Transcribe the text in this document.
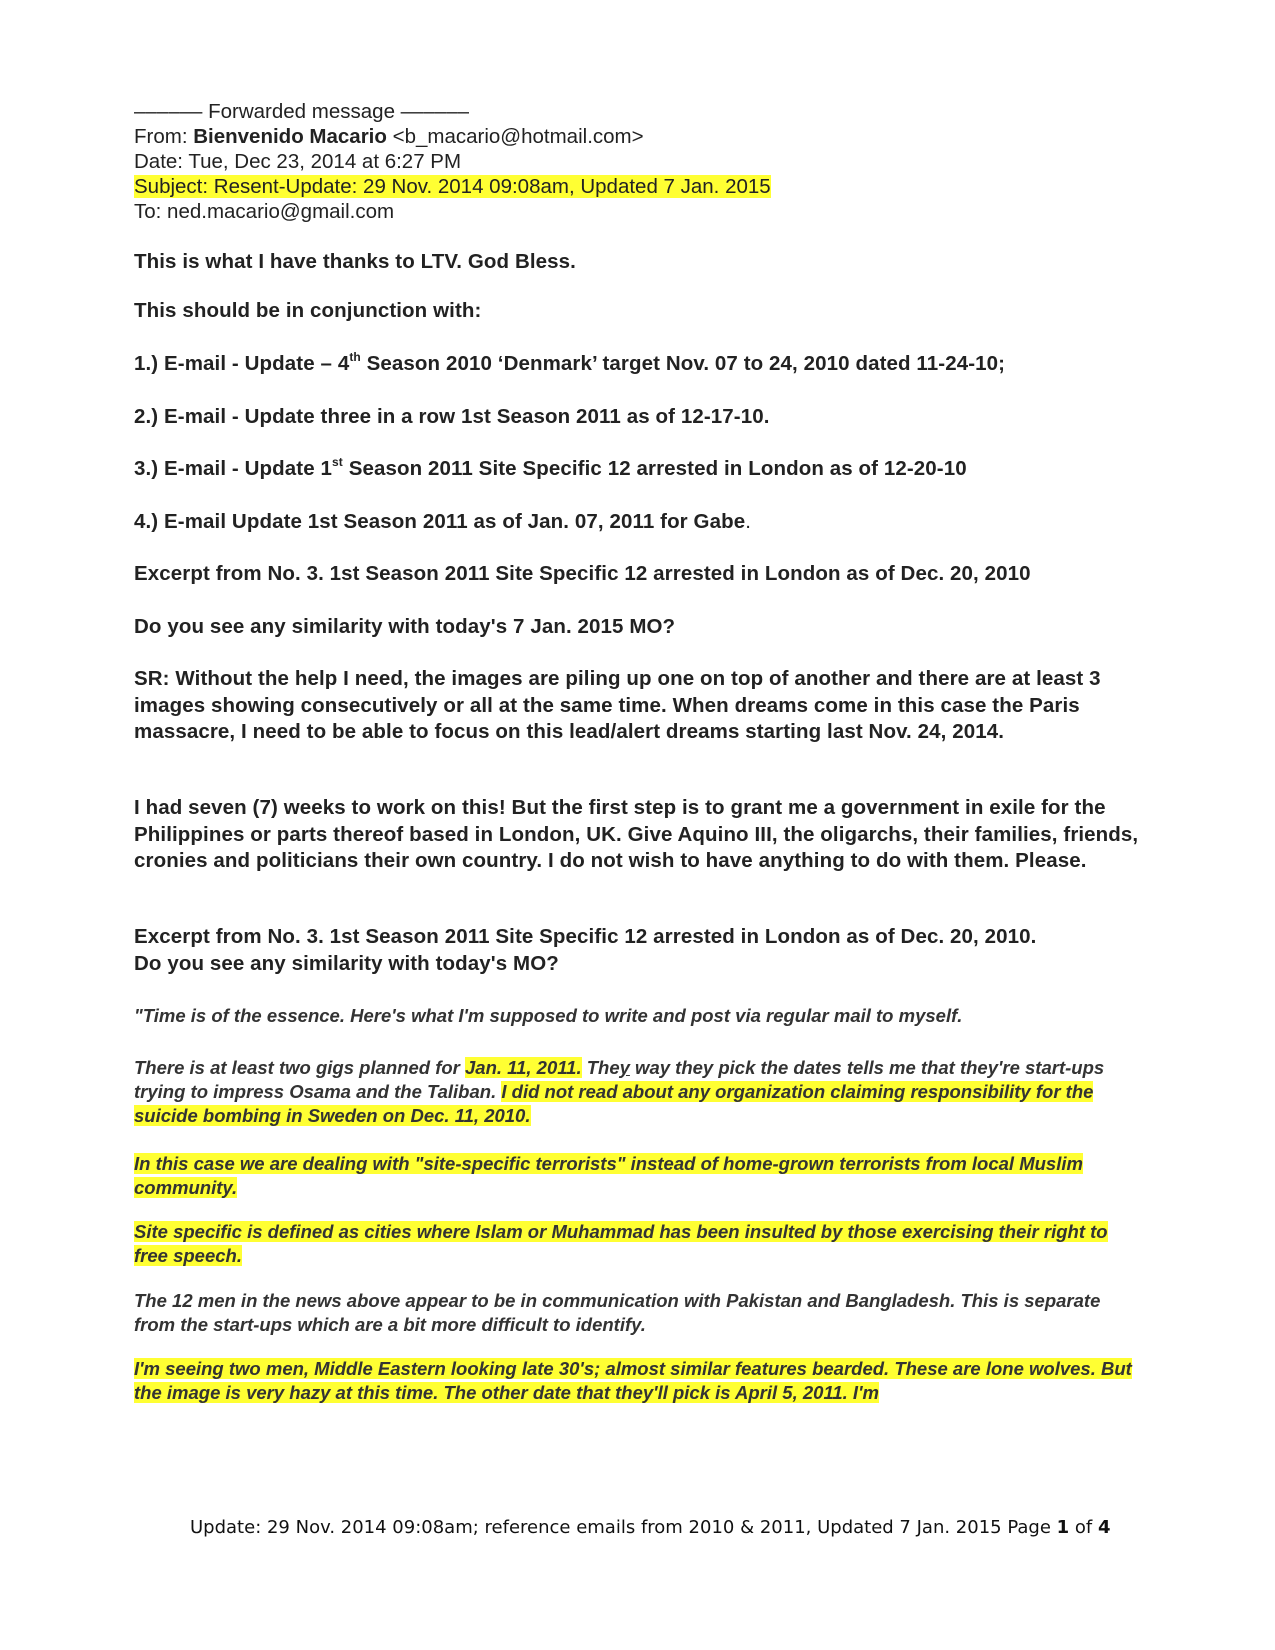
–––––– Forwarded message ––––––
From: Bienvenido Macario <b_macario@hotmail.com>
Date: Tue, Dec 23, 2014 at 6:27 PM
Subject: Resent-Update: 29 Nov. 2014 09:08am, Updated 7 Jan. 2015
To: ned.macario@gmail.com
This is what I have thanks to LTV. God Bless.
This should be in conjunction with:
1.) E-mail - Update – 4th Season 2010 ‘Denmark’ target Nov. 07 to 24, 2010 dated 11-24-10;
2.) E-mail - Update three in a row 1st Season 2011 as of 12-17-10.
3.) E-mail - Update 1st Season 2011 Site Specific 12 arrested in London as of 12-20-10
4.) E-mail Update 1st Season 2011 as of Jan. 07, 2011 for Gabe.
Excerpt from No. 3. 1st Season 2011 Site Specific 12 arrested in London as of Dec. 20, 2010
Do you see any similarity with today's 7 Jan. 2015 MO?
SR: Without the help I need, the images are piling up one on top of another and there are at least 3 images showing consecutively or all at the same time. When dreams come in this case the Paris massacre, I need to be able to focus on this lead/alert dreams starting last Nov. 24, 2014.
I had seven (7) weeks to work on this! But the first step is to grant me a government in exile for the Philippines or parts thereof based in London, UK. Give Aquino III, the oligarchs, their families, friends, cronies and politicians their own country. I do not wish to have anything to do with them. Please.
Excerpt from No. 3. 1st Season 2011 Site Specific 12 arrested in London as of Dec. 20, 2010. Do you see any similarity with today's MO?
"Time is of the essence. Here's what I'm supposed to write and post via regular mail to myself.
There is at least two gigs planned for Jan. 11, 2011. They way they pick the dates tells me that they're start-ups trying to impress Osama and the Taliban. I did not read about any organization claiming responsibility for the suicide bombing in Sweden on Dec. 11, 2010.
In this case we are dealing with "site-specific terrorists" instead of home-grown terrorists from local Muslim community.
Site specific is defined as cities where Islam or Muhammad has been insulted by those exercising their right to free speech.
The 12 men in the news above appear to be in communication with Pakistan and Bangladesh. This is separate from the start-ups which are a bit more difficult to identify.
I'm seeing two men, Middle Eastern looking late 30's; almost similar features bearded. These are lone wolves. But the image is very hazy at this time. The other date that they'll pick is April 5, 2011. I'm
Update: 29 Nov. 2014 09:08am; reference emails from 2010 & 2011, Updated 7 Jan. 2015 Page 1 of 4
